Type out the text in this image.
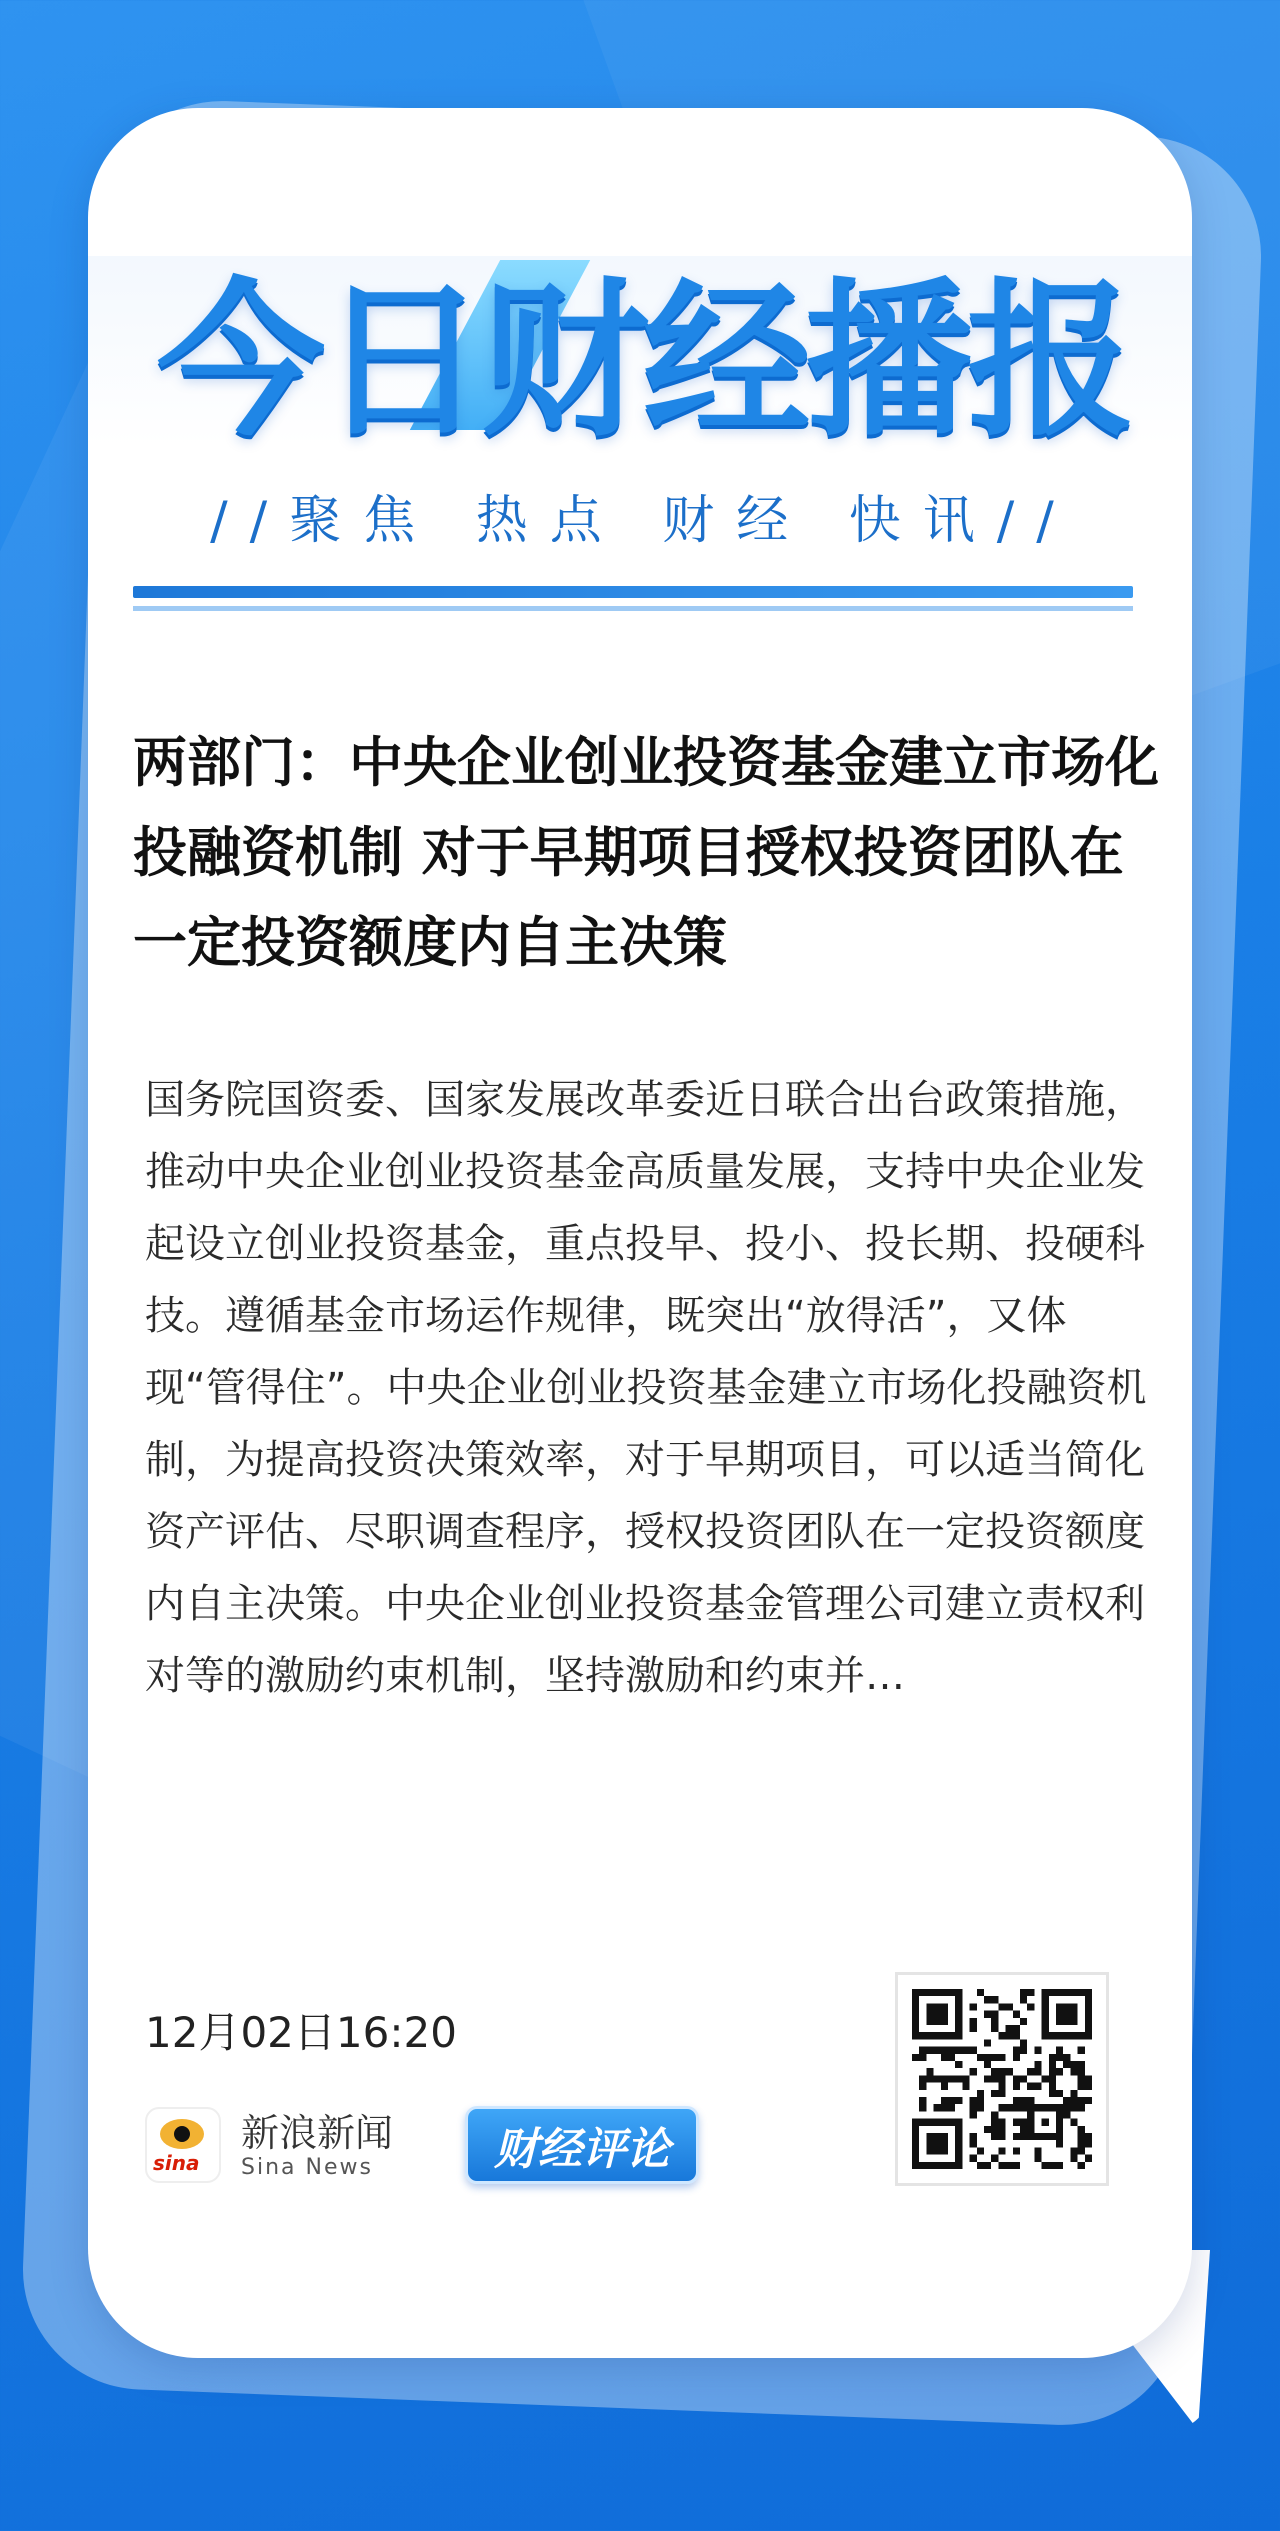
今日财经播报
//聚焦 热点 财经 快讯//
两部门：中央企业创业投资基金建立市场化投融资机制 对于早期项目授权投资团队在一定投资额度内自主决策
国务院国资委、国家发展改革委近日联合出台政策措施，推动中央企业创业投资基金高质量发展，支持中央企业发起设立创业投资基金，重点投早、投小、投长期、投硬科技。遵循基金市场运作规律，既突出“放得活”，又体现“管得住”。中央企业创业投资基金建立市场化投融资机制，为提高投资决策效率，对于早期项目，可以适当简化资产评估、尽职调查程序，授权投资团队在一定投资额度内自主决策。中央企业创业投资基金管理公司建立责权利对等的激励约束机制，坚持激励和约束并…
12月02日16:20
sina
新浪新闻
Sina News	财经评论
